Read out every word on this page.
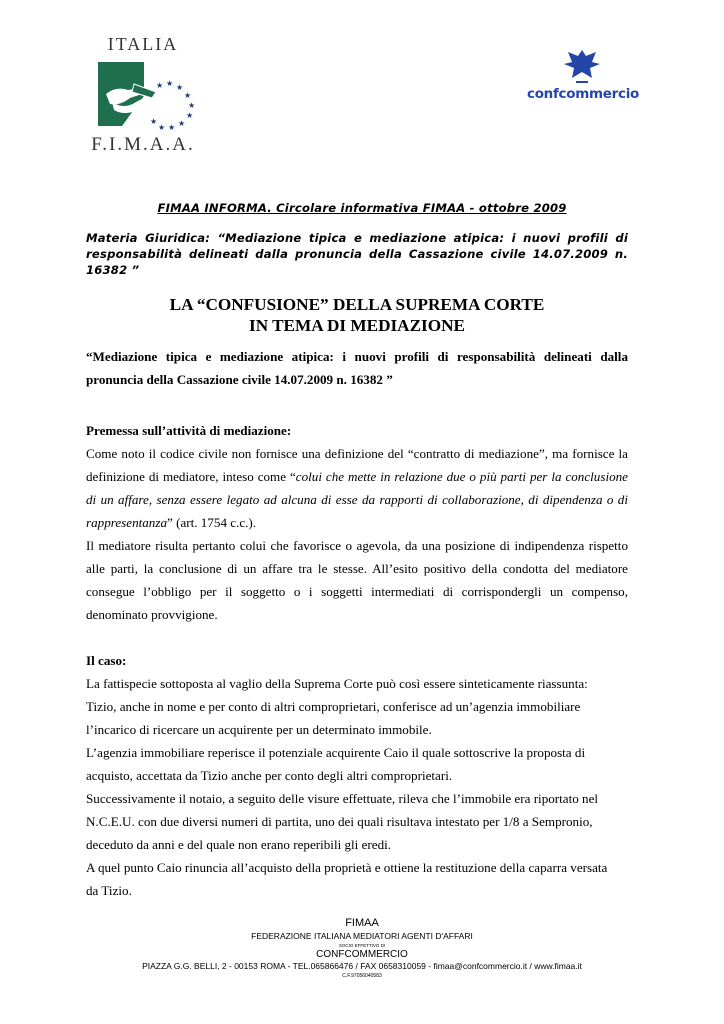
ITALIA
★ ★ ★
★
★
★
★
★
★
★
F.I.M.A.A.
confcommercio
FIMAA INFORMA. Circolare informativa FIMAA - ottobre 2009
Materia Giuridica: “Mediazione tipica e mediazione atipica: i nuovi profili di responsabilità delineati dalla pronuncia della Cassazione civile 14.07.2009 n. 16382 ”
LA “CONFUSIONE” DELLA SUPREMA CORTE
IN TEMA DI MEDIAZIONE
“Mediazione tipica e mediazione atipica: i nuovi profili di responsabilità delineati dalla pronuncia della Cassazione civile 14.07.2009 n. 16382 ”

Premessa sull’attività di mediazione:

Come noto il codice civile non fornisce una definizione del “contratto di mediazione”, ma fornisce la definizione di mediatore, inteso come “colui che mette in relazione due o più parti per la conclusione di un affare, senza essere legato ad alcuna di esse da rapporti di collaborazione, di dipendenza o di rappresentanza” (art. 1754 c.c.).

Il mediatore risulta pertanto colui che favorisce o agevola, da una posizione di indipendenza rispetto alle parti, la conclusione di un affare tra le stesse. All’esito positivo della condotta del mediatore consegue l’obbligo per il soggetto o i soggetti intermediati di corrispondergli un compenso, denominato provvigione.

Il caso:

La fattispecie sottoposta al vaglio della Suprema Corte può così essere sinteticamente riassunta:

Tizio, anche in nome e per conto di altri comproprietari, conferisce ad un’agenzia immobiliare

l’incarico di ricercare un acquirente per un determinato immobile.

L’agenzia immobiliare reperisce il potenziale acquirente Caio il quale sottoscrive la proposta di

acquisto, accettata da Tizio anche per conto degli altri comproprietari.

Successivamente il notaio, a seguito delle visure effettuate, rileva che l’immobile era riportato nel

N.C.E.U. con due diversi numeri di partita, uno dei quali risultava intestato per 1/8 a Sempronio,

deceduto da anni e del quale non erano reperibili gli eredi.

A quel punto Caio rinuncia all’acquisto della proprietà e ottiene la restituzione della caparra versata

da Tizio.

FIMAA
FEDERAZIONE ITALIANA MEDIATORI AGENTI D'AFFARI
SOCIO EFFETTIVO DI
CONFCOMMERCIO
PIAZZA G.G. BELLI, 2 - 00153 ROMA - TEL.065866476 / FAX 0658310059 - fimaa@confcommercio.it / www.fimaa.it
C.F.97056040583
